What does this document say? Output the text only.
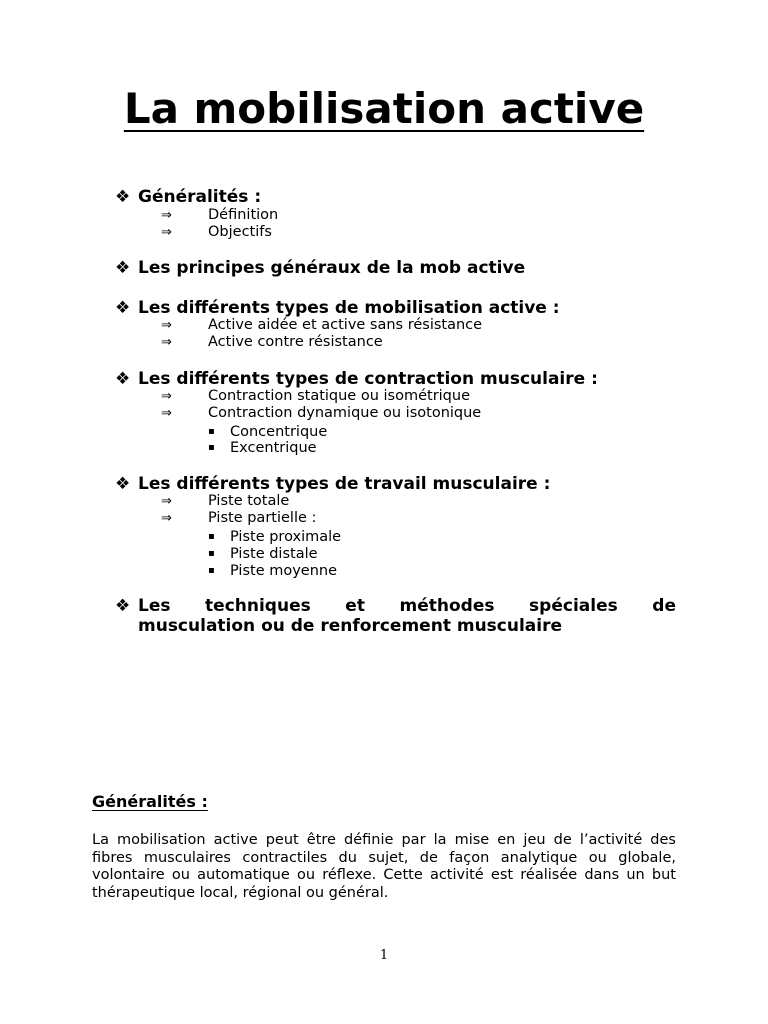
La mobilisation active
❖ Généralités :
⇒ Définition
⇒ Objectifs
❖ Les principes généraux de la mob active
❖ Les différents types de mobilisation active :
⇒ Active aidée et active sans résistance
⇒ Active contre résistance
❖ Les différents types de contraction musculaire :
⇒ Contraction statique ou isométrique
⇒ Contraction dynamique ou isotonique
▪ Concentrique
▪ Excentrique
❖ Les différents types de travail musculaire :
⇒ Piste totale
⇒ Piste partielle :
▪ Piste proximale
▪ Piste distale
▪ Piste moyenne
❖ Les techniques et méthodes spéciales de
musculation ou de renforcement musculaire
Généralités :

La mobilisation active peut être définie par la mise en jeu de l’activité des fibres musculaires contractiles du sujet, de façon analytique ou globale, volontaire ou automatique ou réflexe. Cette activité est réalisée dans un but thérapeutique local, régional ou général.

1
